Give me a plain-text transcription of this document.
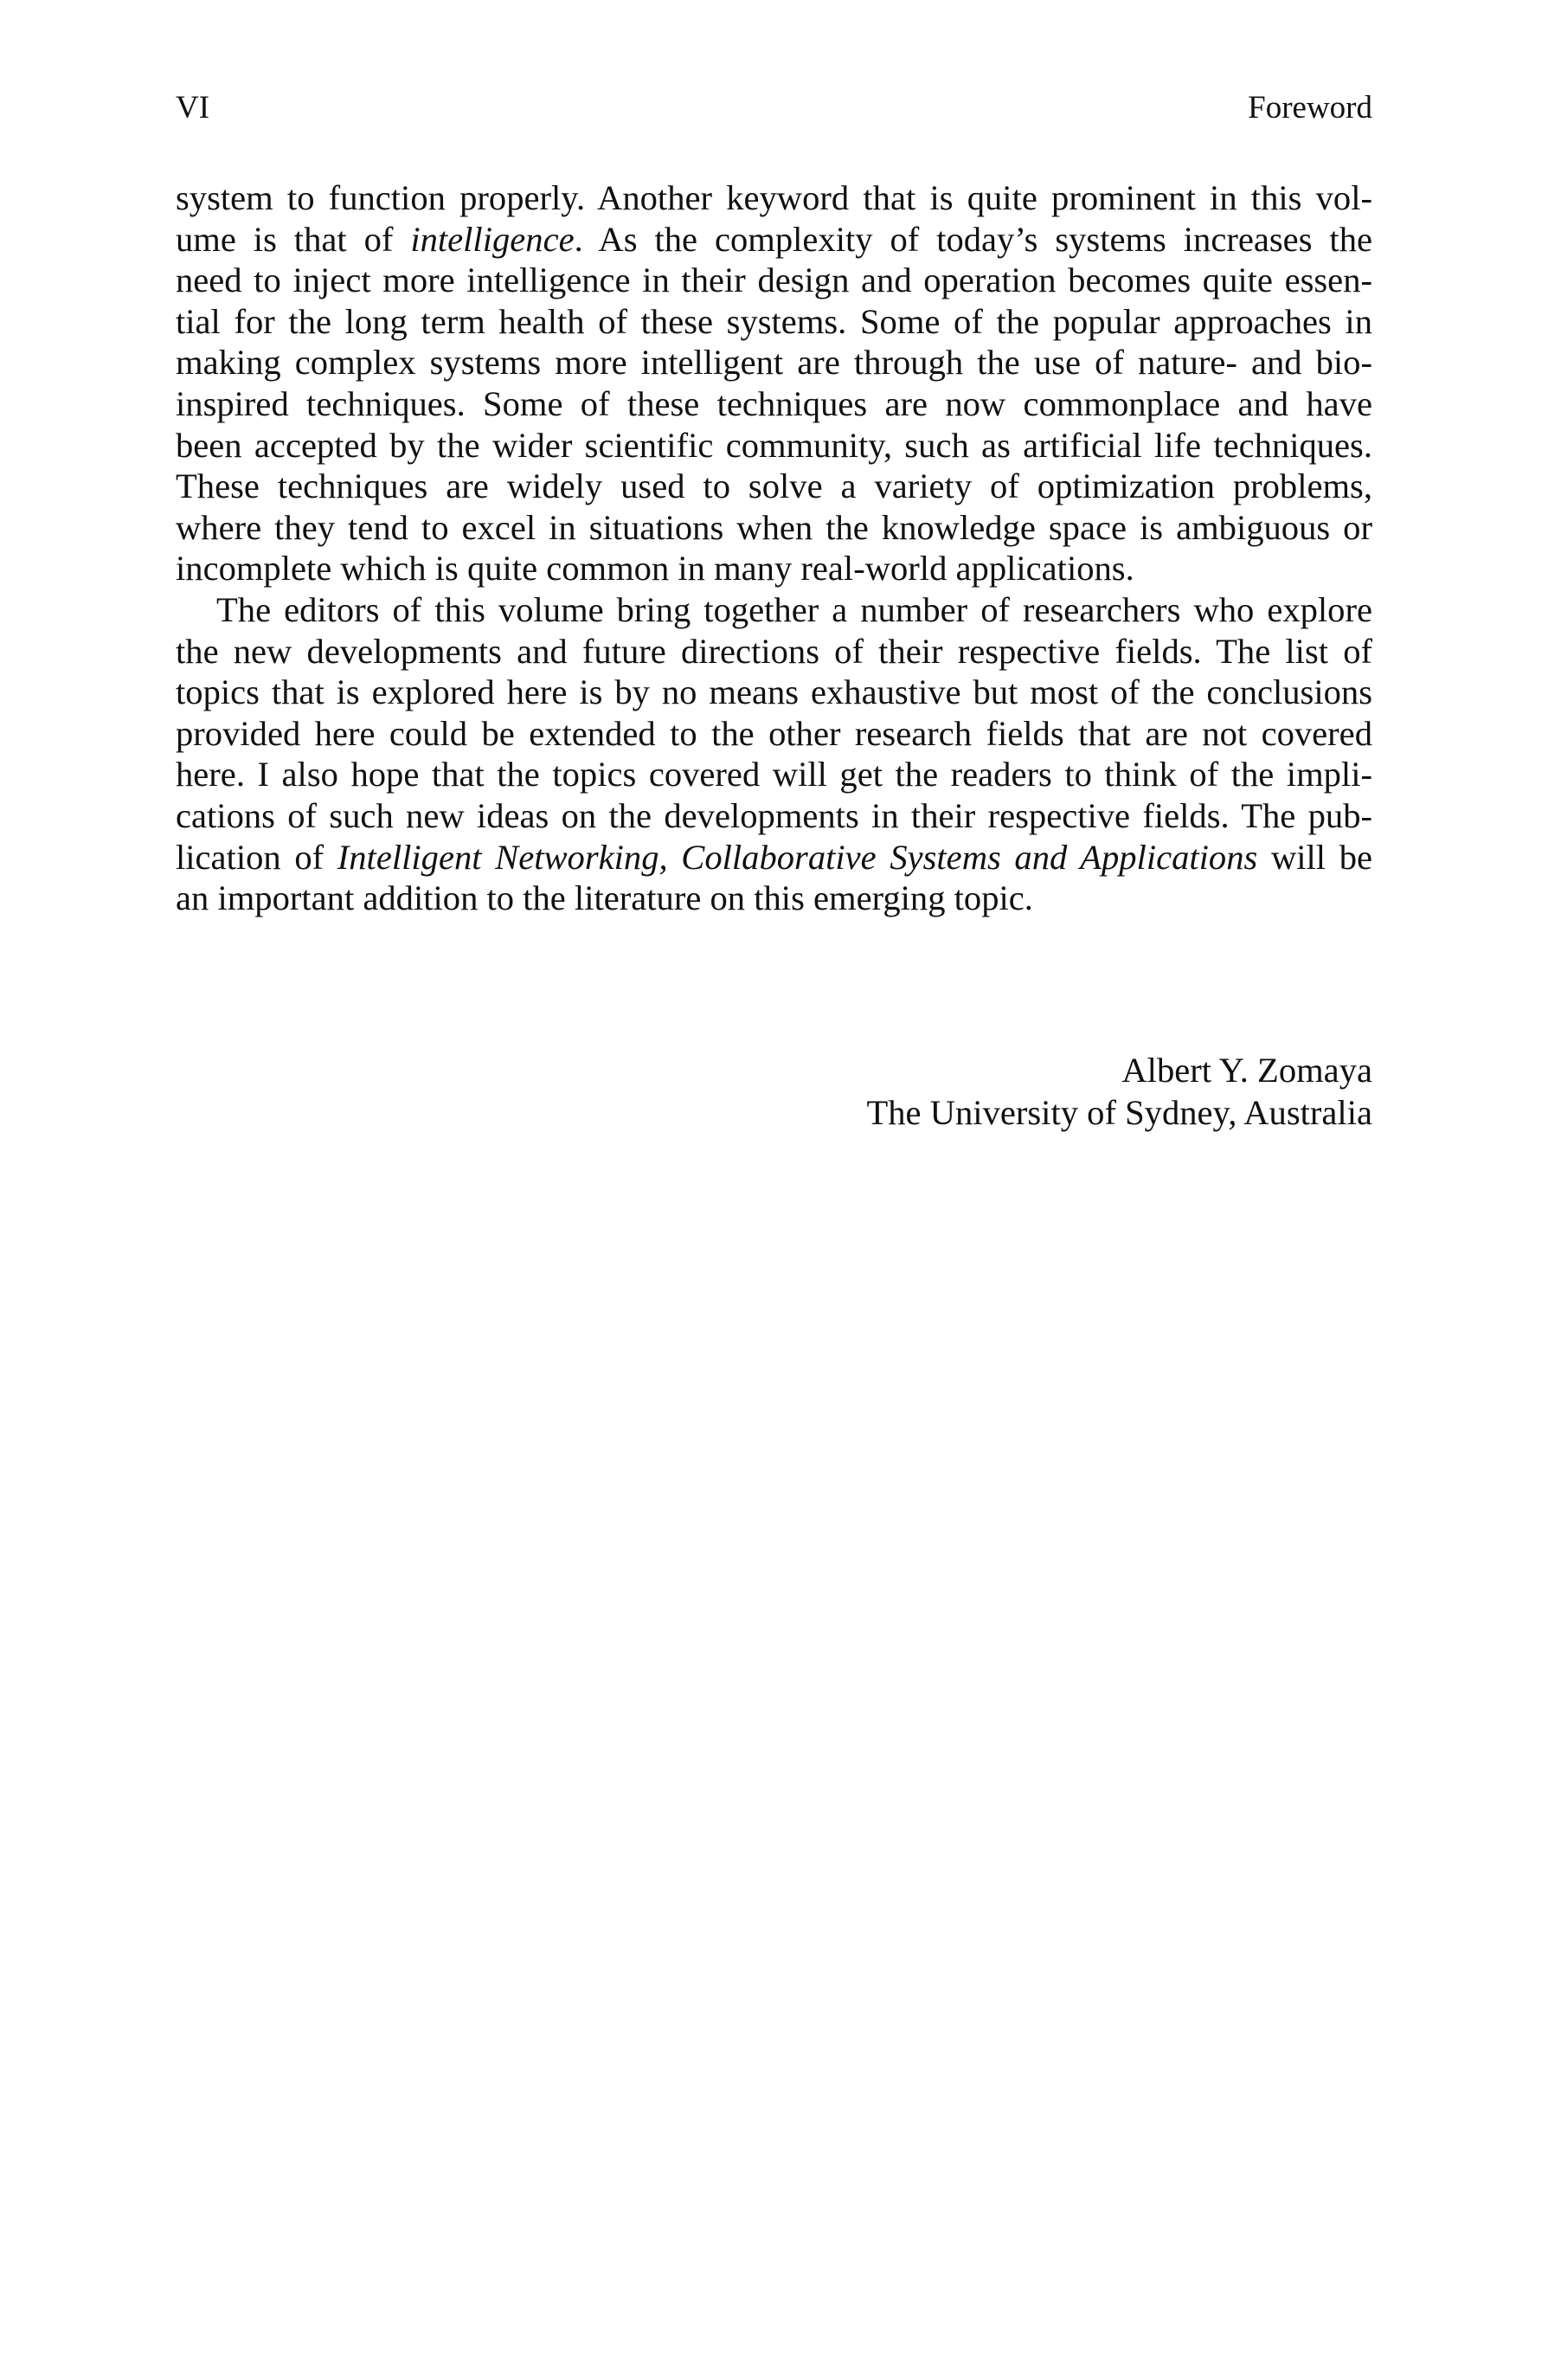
VI	Foreword
system to function properly. Another keyword that is quite prominent in this vol-
ume is that of intelligence. As the complexity of today’s systems increases the
need to inject more intelligence in their design and operation becomes quite essen-
tial for the long term health of these systems. Some of the popular approaches in
making complex systems more intelligent are through the use of nature- and bio-
inspired techniques. Some of these techniques are now commonplace and have
been accepted by the wider scientific community, such as artificial life techniques.
These techniques are widely used to solve a variety of optimization problems,
where they tend to excel in situations when the knowledge space is ambiguous or
incomplete which is quite common in many real-world applications.
The editors of this volume bring together a number of researchers who explore
the new developments and future directions of their respective fields. The list of
topics that is explored here is by no means exhaustive but most of the conclusions
provided here could be extended to the other research fields that are not covered
here. I also hope that the topics covered will get the readers to think of the impli-
cations of such new ideas on the developments in their respective fields. The pub-
lication of Intelligent Networking, Collaborative Systems and Applications will be
an important addition to the literature on this emerging topic.
Albert Y. Zomaya
The University of Sydney, Australia
